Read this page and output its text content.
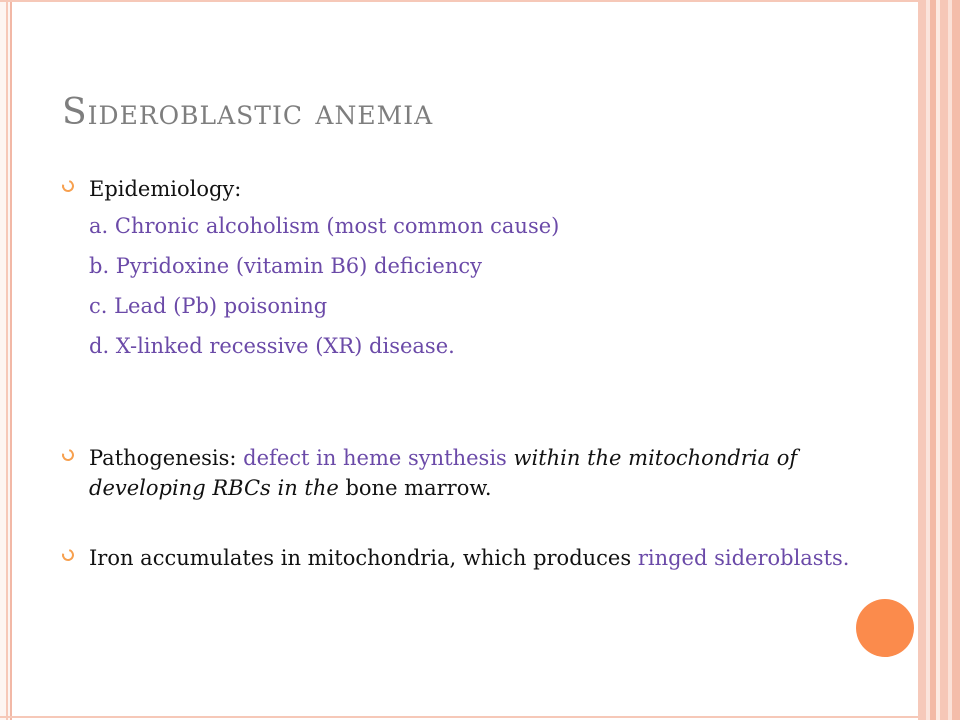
Sideroblastic anemia
Epidemiology:
a. Chronic alcoholism (most common cause)
b. Pyridoxine (vitamin B6) deficiency
c. Lead (Pb) poisoning
d. X-linked recessive (XR) disease.
Pathogenesis: defect in heme synthesis within the mitochondria of developing RBCs in the bone marrow.
Iron accumulates in mitochondria, which produces ringed sideroblasts.
